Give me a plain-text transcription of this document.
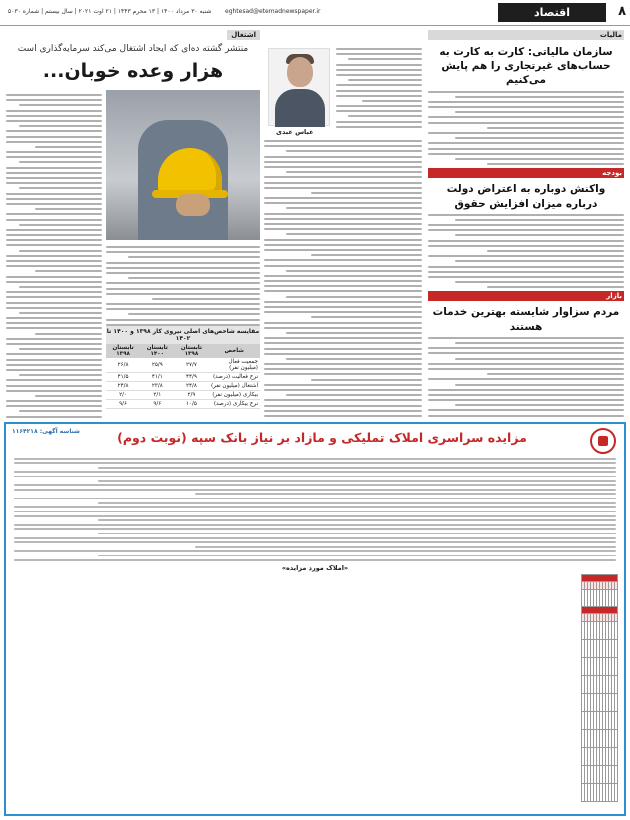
۸
اقتصاد
eghtesad@etemadnewspaper.ir
شنبه ۳۰ مرداد ۱۴۰۰ | ۱۳ محرم ۱۴۴۳ | ۲۱ اوت ۲۰۲۱ | سال بیستم | شماره ۵۰۳۰
مالیات
سازمان مالیاتی: کارت به کارت به حساب‌های غیرتجاری را هم پایش می‌کنیم
بودجه
واکنش دوباره به اعتراض دولت درباره میزان افزایش حقوق
بازار
مردم سزاوار شایسته بهترین خدمات هستند
عباس عبدی
اشتغال
منتشر گشته ده‌ای که ایجاد اشتغال می‌کند سرمایه‌گذاری است
هزار وعده خوبان...
مقایسه شاخص‌های اصلی نیروی کار ۱۳۹۸ و ۱۴۰۰ تا ۱۴۰۲
شاخص	تابستان ۱۳۹۸	تابستان ۱۴۰۰	تابستان ۱۳۹۸
جمعیت فعال (میلیون نفر)	۲۷/۷	۲۵/۹	۲۶/۸
نرخ فعالیت (درصد)	۴۴/۹	۴۱/۱	۴۱/۵
اشتغال (میلیون نفر)	۲۴/۸	۲۳/۸	۲۴/۸
بیکاری (میلیون نفر)	۲/۹	۲/۱	۲/۰
نرخ بیکاری (درصد)	۱۰/۵	۹/۶	۹/۶
شناسه آگهی: ۱۱۶۴۲۱۸	مزایده سراسری املاک تملیکی و مازاد بر نیاز بانک سپه (نوبت دوم)
«املاک مورد مزایده»
